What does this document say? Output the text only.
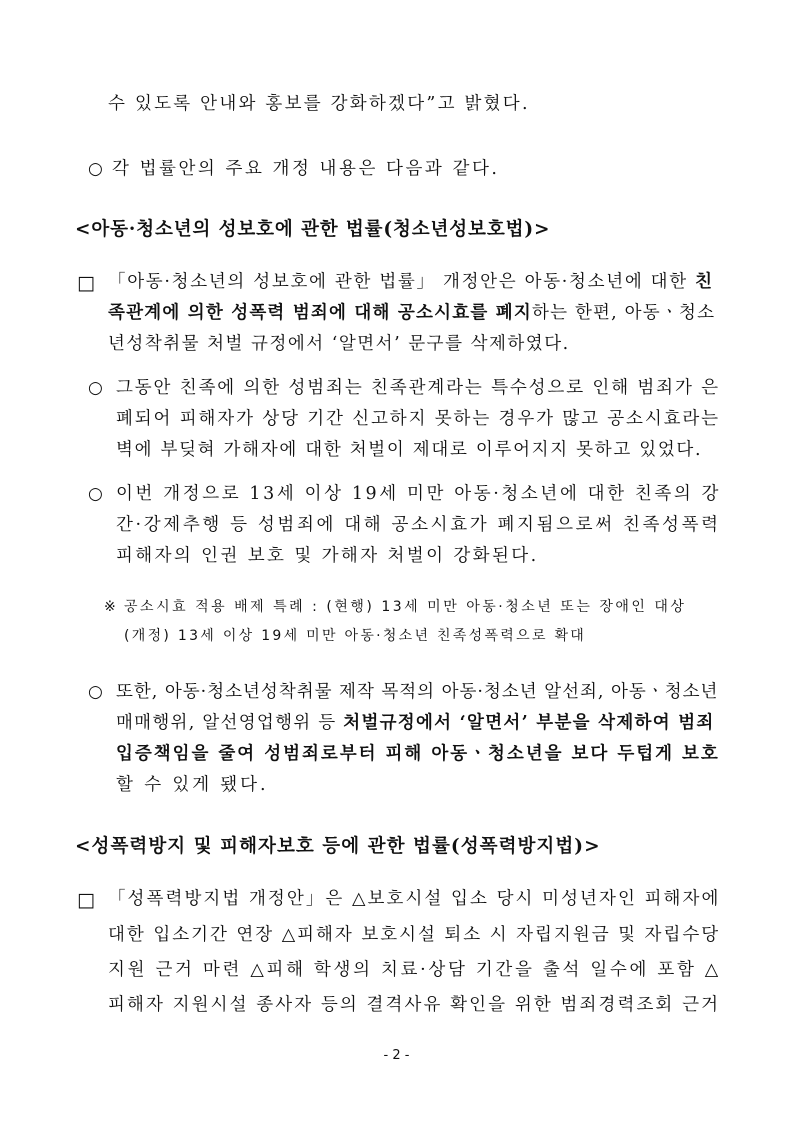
수 있도록 안내와 홍보를 강화하겠다”고 밝혔다.
○ 각 법률안의 주요 개정 내용은 다음과 같다.
<아동·청소년의 성보호에 관한 법률(청소년성보호법)>
□ 「아동·청소년의 성보호에 관한 법률」 개정안은 아동·청소년에 대한 친
족관계에 의한 성폭력 범죄에 대해 공소시효를 폐지하는 한편, 아동ㆍ청소
년성착취물 처벌 규정에서 ‘알면서’ 문구를 삭제하였다.
○ 그동안 친족에 의한 성범죄는 친족관계라는 특수성으로 인해 범죄가 은
폐되어 피해자가 상당 기간 신고하지 못하는 경우가 많고 공소시효라는
벽에 부딪혀 가해자에 대한 처벌이 제대로 이루어지지 못하고 있었다.
○ 이번 개정으로 13세 이상 19세 미만 아동·청소년에 대한 친족의 강
간·강제추행 등 성범죄에 대해 공소시효가 폐지됨으로써 친족성폭력
피해자의 인권 보호 및 가해자 처벌이 강화된다.
※ 공소시효 적용 배제 특례 : (현행) 13세 미만 아동·청소년 또는 장애인 대상
(개정) 13세 이상 19세 미만 아동·청소년 친족성폭력으로 확대
○ 또한, 아동·청소년성착취물 제작 목적의 아동·청소년 알선죄, 아동ㆍ청소년
매매행위, 알선영업행위 등 처벌규정에서 ‘알면서’ 부분을 삭제하여 범죄
입증책임을 줄여 성범죄로부터 피해 아동ㆍ청소년을 보다 두텁게 보호
할 수 있게 됐다.
<성폭력방지 및 피해자보호 등에 관한 법률(성폭력방지법)>
□ 「성폭력방지법 개정안」은 △보호시설 입소 당시 미성년자인 피해자에
대한 입소기간 연장 △피해자 보호시설 퇴소 시 자립지원금 및 자립수당
지원 근거 마련 △피해 학생의 치료·상담 기간을 출석 일수에 포함 △
피해자 지원시설 종사자 등의 결격사유 확인을 위한 범죄경력조회 근거
- 2 -
